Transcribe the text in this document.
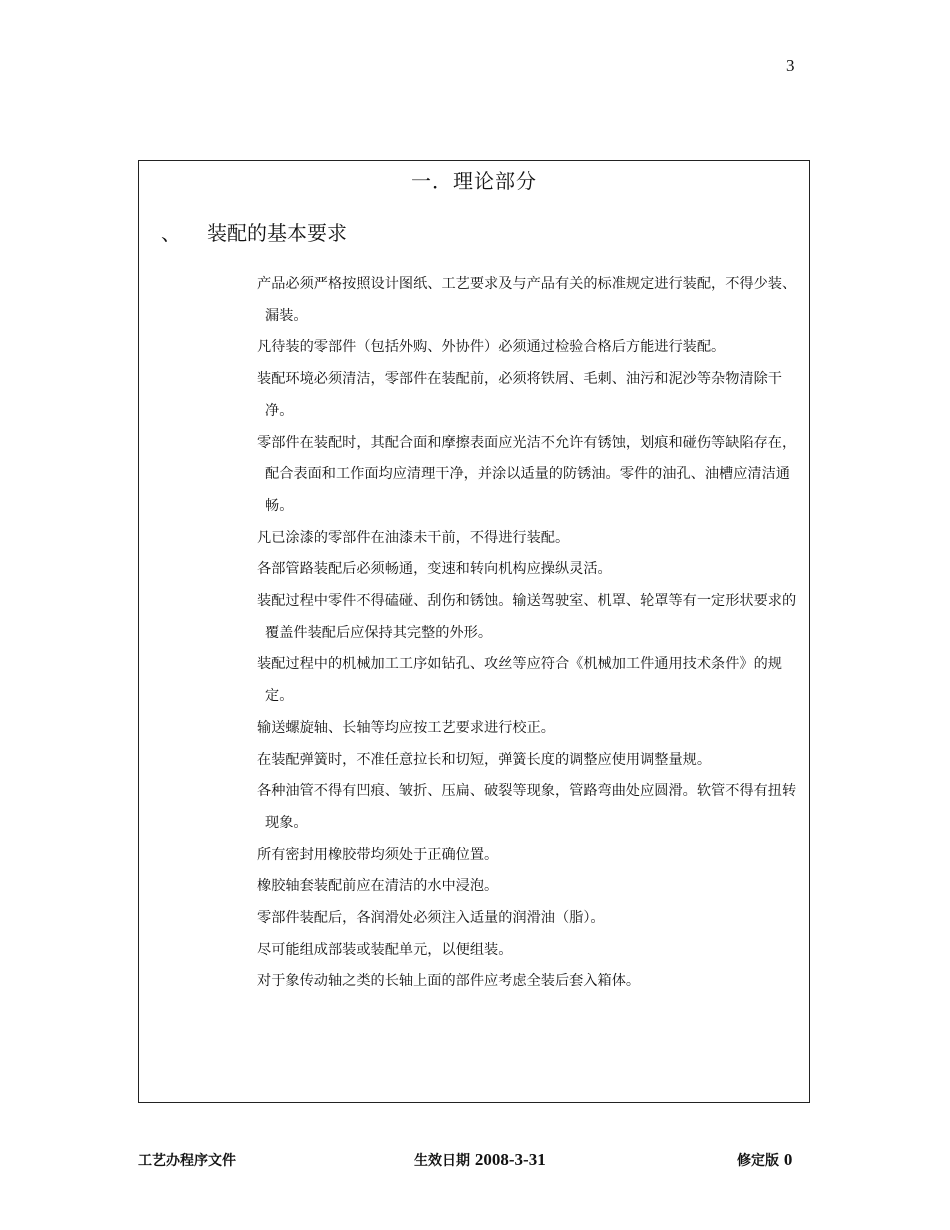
3
一．理论部分
、 装配的基本要求
产品必须严格按照设计图纸、工艺要求及与产品有关的标准规定进行装配，不得少装、漏装。
凡待装的零部件（包括外购、外协件）必须通过检验合格后方能进行装配。
装配环境必须清洁，零部件在装配前，必须将铁屑、毛刺、油污和泥沙等杂物清除干净。
零部件在装配时，其配合面和摩擦表面应光洁不允许有锈蚀，划痕和碰伤等缺陷存在，配合表面和工作面均应清理干净，并涂以适量的防锈油。零件的油孔、油槽应清洁通畅。
凡已涂漆的零部件在油漆未干前，不得进行装配。
各部管路装配后必须畅通，变速和转向机构应操纵灵活。
装配过程中零件不得磕碰、刮伤和锈蚀。输送驾驶室、机罩、轮罩等有一定形状要求的覆盖件装配后应保持其完整的外形。
装配过程中的机械加工工序如钻孔、攻丝等应符合《机械加工件通用技术条件》的规定。
输送螺旋轴、长轴等均应按工艺要求进行校正。
在装配弹簧时，不准任意拉长和切短，弹簧长度的调整应使用调整量规。
各种油管不得有凹痕、皱折、压扁、破裂等现象，管路弯曲处应圆滑。软管不得有扭转现象。
所有密封用橡胶带均须处于正确位置。
橡胶轴套装配前应在清洁的水中浸泡。
零部件装配后，各润滑处必须注入适量的润滑油（脂）。
尽可能组成部装或装配单元，以便组装。
对于象传动轴之类的长轴上面的部件应考虑全装后套入箱体。
工艺办程序文件	生效日期 2008-3-31	修定版 0
